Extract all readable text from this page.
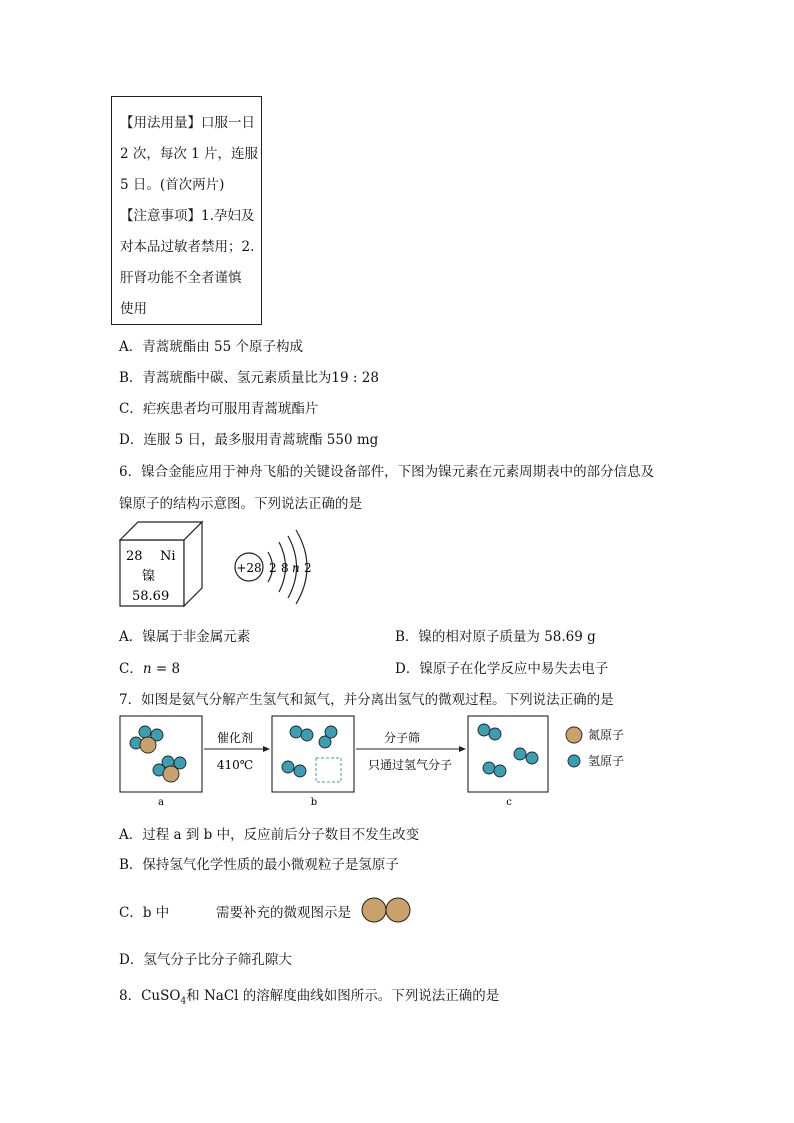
【用法用量】口服一日
2 次，每次 1 片，连服
5 日。(首次两片)
【注意事项】1.孕妇及
对本品过敏者禁用；2.
肝肾功能不全者谨慎
使用
A．青蒿琥酯由 55 个原子构成
B．青蒿琥酯中碳、氢元素质量比为19 : 28
C．疟疾患者均可服用青蒿琥酯片
D．连服 5 日，最多服用青蒿琥酯 550 mg
6．镍合金能应用于神舟飞船的关键设备部件，下图为镍元素在元素周期表中的部分信息及
镍原子的结构示意图。下列说法正确的是
28 Ni
镍
58.69
+28 2 8 n 2
A．镍属于非金属元素	B．镍的相对原子质量为 58.69 g
C．n = 8	D．镍原子在化学反应中易失去电子
7．如图是氨气分解产生氢气和氮气，并分离出氢气的微观过程。下列说法正确的是
a
催化剂
410℃
b
分子筛
只通过氢气分子
c
氮原子
氢原子
A．过程 a 到 b 中，反应前后分子数目不发生改变
B．保持氢气化学性质的最小微观粒子是氢原子
C．b 中	需要补充的微观图示是
D．氢气分子比分子筛孔隙大
8．CuSO$_4$和 NaCl 的溶解度曲线如图所示。下列说法正确的是
